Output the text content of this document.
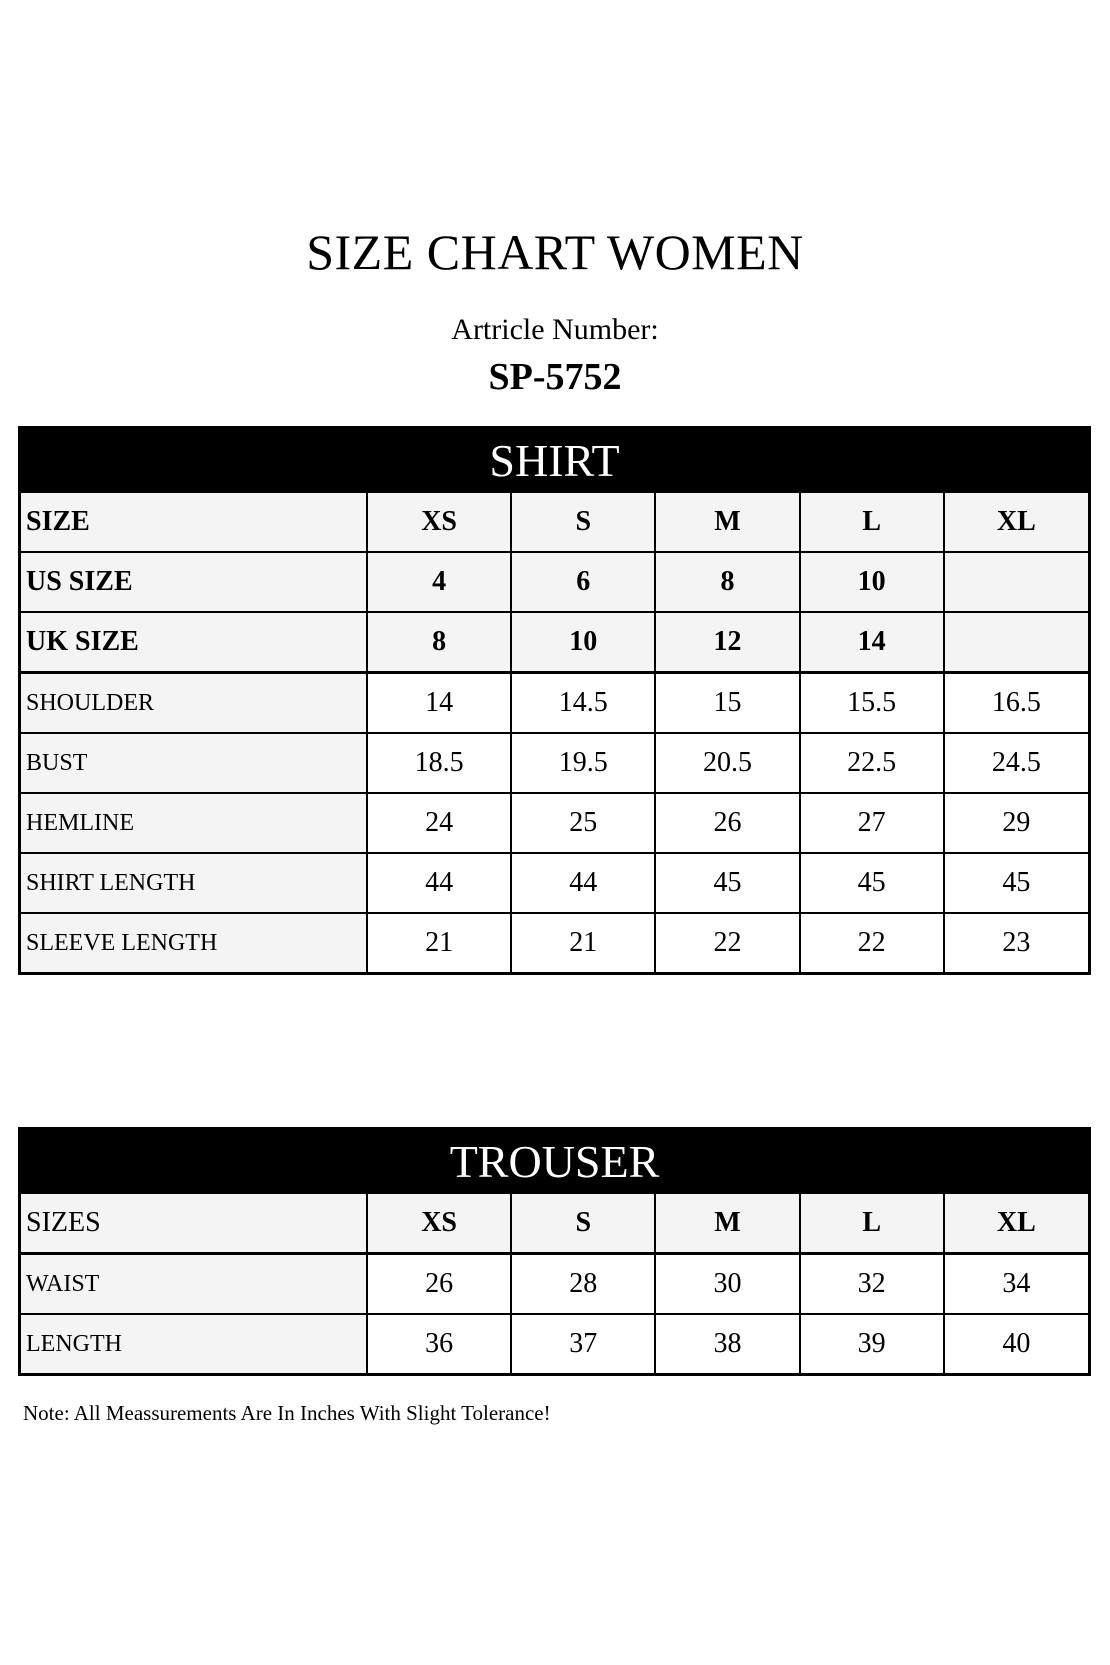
SIZE CHART WOMEN
Artricle Number:
SP-5752
SHIRT
SIZE	XS	S	M	L	XL
US SIZE	4	6	8	10	
UK SIZE	8	10	12	14	
SHOULDER	14	14.5	15	15.5	16.5
BUST	18.5	19.5	20.5	22.5	24.5
HEMLINE	24	25	26	27	29
SHIRT LENGTH	44	44	45	45	45
SLEEVE LENGTH	21	21	22	22	23
TROUSER
SIZES	XS	S	M	L	XL
WAIST	26	28	30	32	34
LENGTH	36	37	38	39	40
Note: All Meassurements Are In Inches With Slight Tolerance!
